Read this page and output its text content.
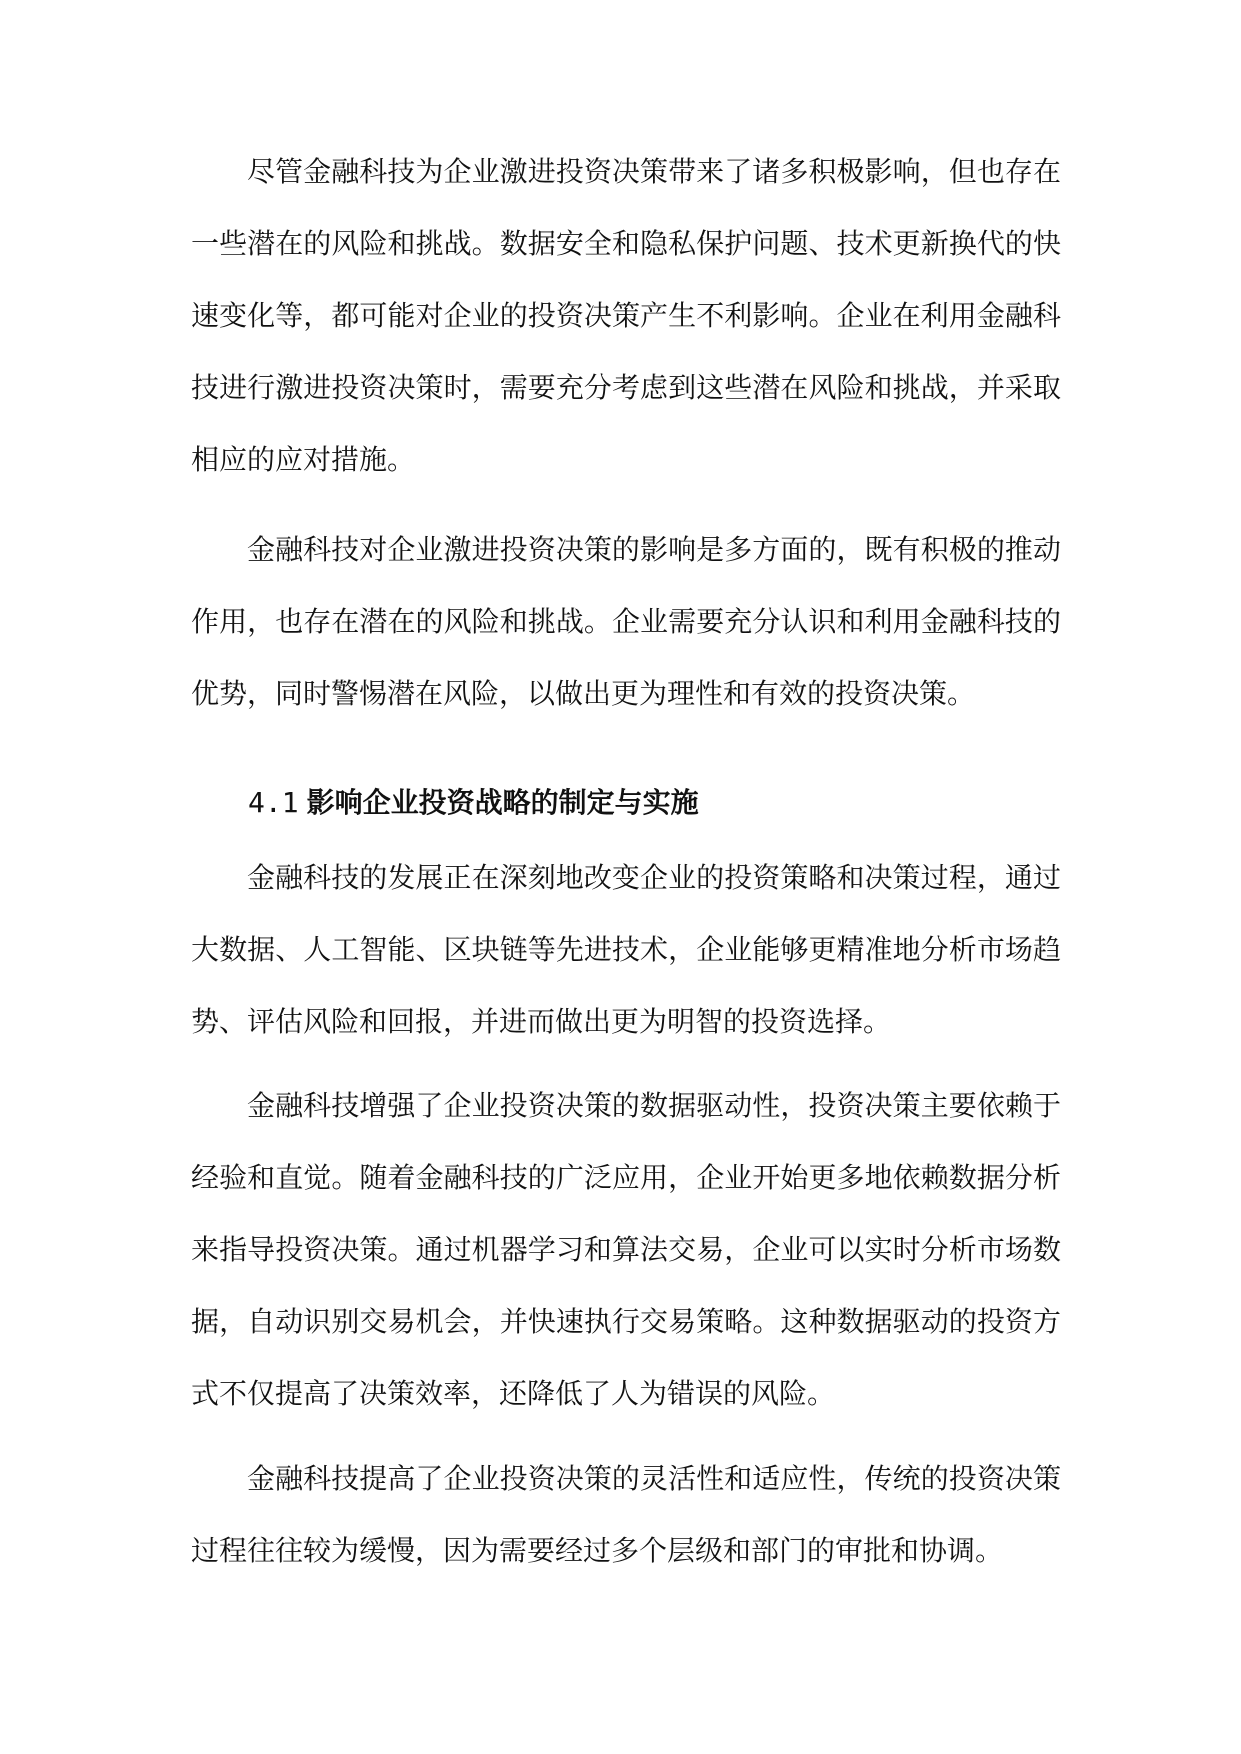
尽管金融科技为企业激进投资决策带来了诸多积极影响，但也存在一些潜在的风险和挑战。数据安全和隐私保护问题、技术更新换代的快速变化等，都可能对企业的投资决策产生不利影响。企业在利用金融科技进行激进投资决策时，需要充分考虑到这些潜在风险和挑战，并采取相应的应对措施。

金融科技对企业激进投资决策的影响是多方面的，既有积极的推动作用，也存在潜在的风险和挑战。企业需要充分认识和利用金融科技的优势，同时警惕潜在风险，以做出更为理性和有效的投资决策。

4.1 影响企业投资战略的制定与实施

金融科技的发展正在深刻地改变企业的投资策略和决策过程，通过大数据、人工智能、区块链等先进技术，企业能够更精准地分析市场趋势、评估风险和回报，并进而做出更为明智的投资选择。

金融科技增强了企业投资决策的数据驱动性，投资决策主要依赖于经验和直觉。随着金融科技的广泛应用，企业开始更多地依赖数据分析来指导投资决策。通过机器学习和算法交易，企业可以实时分析市场数据，自动识别交易机会，并快速执行交易策略。这种数据驱动的投资方式不仅提高了决策效率，还降低了人为错误的风险。

金融科技提高了企业投资决策的灵活性和适应性，传统的投资决策过程往往较为缓慢，因为需要经过多个层级和部门的审批和协调。
